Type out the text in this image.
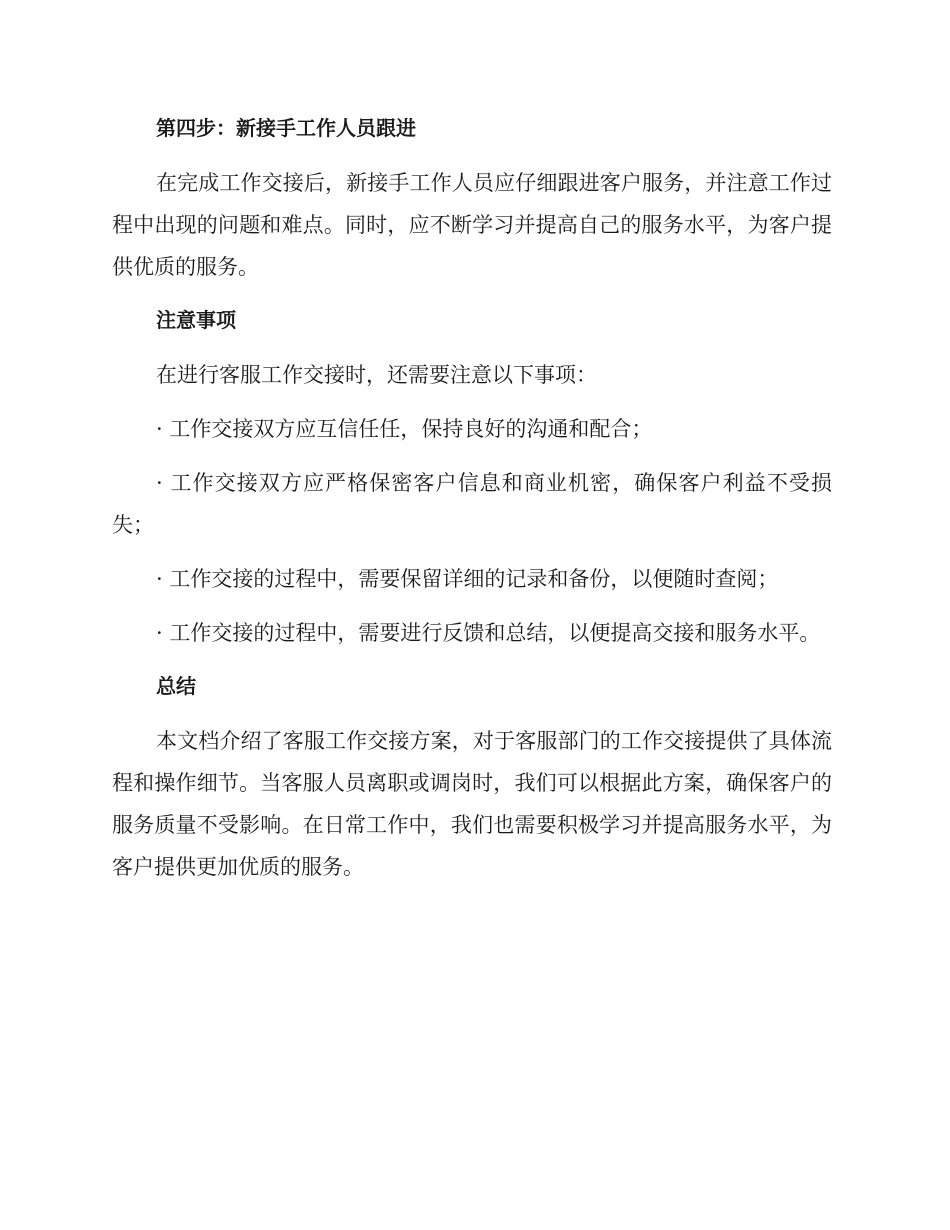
第四步：新接手工作人员跟进

在完成工作交接后，新接手工作人员应仔细跟进客户服务，并注意工作过程中出现的问题和难点。同时，应不断学习并提高自己的服务水平，为客户提供优质的服务。

注意事项

在进行客服工作交接时，还需要注意以下事项：

· 工作交接双方应互信任任，保持良好的沟通和配合；

· 工作交接双方应严格保密客户信息和商业机密，确保客户利益不受损失；

· 工作交接的过程中，需要保留详细的记录和备份，以便随时查阅；

· 工作交接的过程中，需要进行反馈和总结，以便提高交接和服务水平。

总结

本文档介绍了客服工作交接方案，对于客服部门的工作交接提供了具体流程和操作细节。当客服人员离职或调岗时，我们可以根据此方案，确保客户的服务质量不受影响。在日常工作中，我们也需要积极学习并提高服务水平，为客户提供更加优质的服务。
